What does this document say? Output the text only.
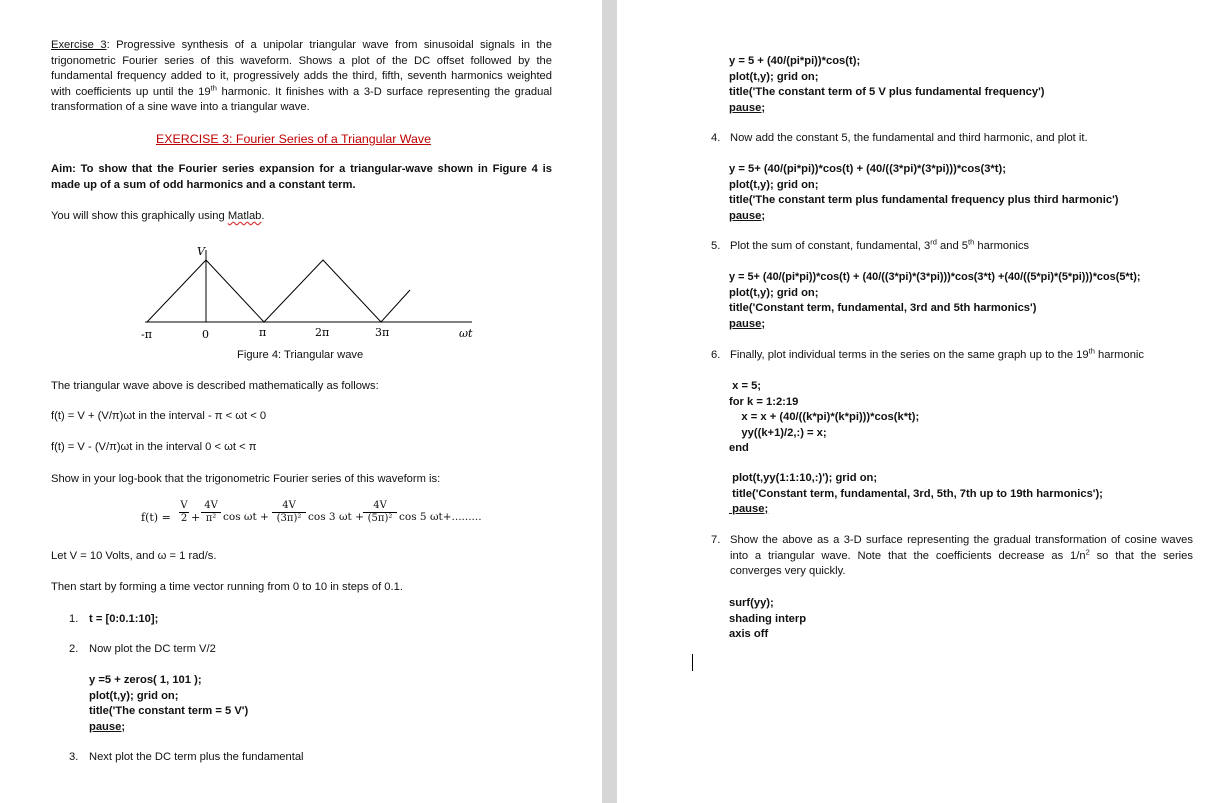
Exercise 3: Progressive synthesis of a unipolar triangular wave from sinusoidal signals in the trigonometric Fourier series of this waveform. Shows a plot of the DC offset followed by the fundamental frequency added to it, progressively adds the third, fifth, seventh harmonics weighted with coefficients up until the 19th harmonic. It finishes with a 3-D surface representing the gradual transformation of a sine wave into a triangular wave.
EXERCISE 3: Fourier Series of a Triangular Wave
Aim: To show that the Fourier series expansion for a triangular-wave shown in Figure 4 is made up of a sum of odd harmonics and a constant term.
You will show this graphically using Matlab.
V
-π	0	π	2π	3π	ωt
Figure 4: Triangular wave
The triangular wave above is described mathematically as follows:
f(t) = V + (V/π)ωt in the interval - π < ωt < 0
f(t) = V - (V/π)ωt in the interval 0 < ωt < π
Show in your log-book that the trigonometric Fourier series of this waveform is:
$f(t) = \frac{V}{2} + \frac{4V}{\text{π²}}$ $\cos \omega t + \frac{4V}{\text{(3π)²}}$ cos 3 $\omega t + \frac{4V}{\text{(5π)²}}$ cos 5 ωt+.........
Let V = 10 Volts, and ω = 1 rad/s.
Then start by forming a time vector running from 0 to 10 in steps of 0.1.
1. t = [0:0.1:10];
2. Now plot the DC term V/2
y =5 + zeros( 1, 101 );
plot(t,y); grid on;
title('The constant term = 5 V')
pause;
3. Next plot the DC term plus the fundamental
y = 5 + (40/(pi*pi))*cos(t);
plot(t,y); grid on;
title('The constant term of 5 V plus fundamental frequency')
pause;
4. Now add the constant 5, the fundamental and third harmonic, and plot it.
y = 5+ (40/(pi*pi))*cos(t) + (40/((3*pi)*(3*pi)))*cos(3*t);
plot(t,y); grid on;
title('The constant term plus fundamental frequency plus third harmonic')
pause;
5. Plot the sum of constant, fundamental, 3rd and 5th harmonics
y = 5+ (40/(pi*pi))*cos(t) + (40/((3*pi)*(3*pi)))*cos(3*t) +(40/((5*pi)*(5*pi)))*cos(5*t);
plot(t,y); grid on;
title('Constant term, fundamental, 3rd and 5th harmonics')
pause;
6. Finally, plot individual terms in the series on the same graph up to the 19th harmonic
x = 5;
for k = 1:2:19
x = x + (40/((k*pi)*(k*pi)))*cos(k*t);
yy((k+1)/2,:) = x;
end
plot(t,yy(1:1:10,:)'); grid on;
title('Constant term, fundamental, 3rd, 5th, 7th up to 19th harmonics');
pause;
7. Show the above as a 3-D surface representing the gradual transformation of cosine waves into a triangular wave. Note that the coefficients decrease as $1/n^2$ so that the series converges very quickly.
surf(yy);
shading interp
axis off
